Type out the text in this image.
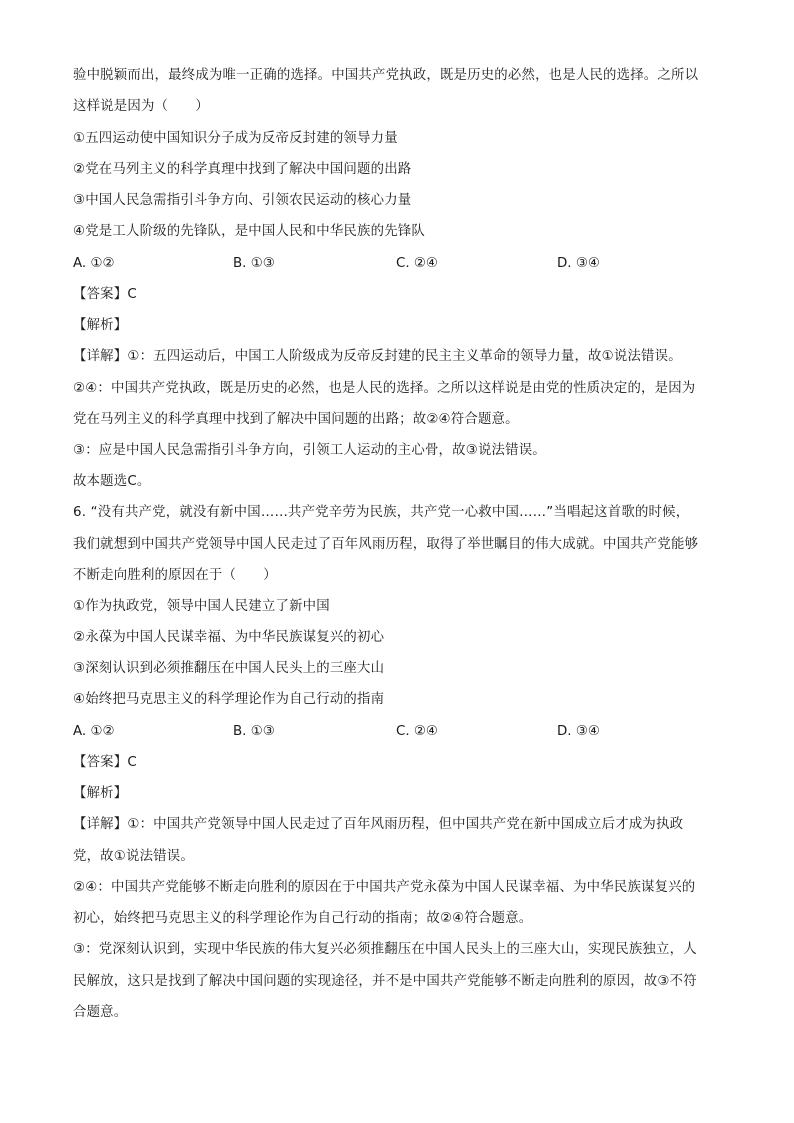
验中脱颖而出，最终成为唯一正确的选择。中国共产党执政，既是历史的必然，也是人民的选择。之所以
这样说是因为（　　）
①五四运动使中国知识分子成为反帝反封建的领导力量
②党在马列主义的科学真理中找到了解决中国问题的出路
③中国人民急需指引斗争方向、引领农民运动的核心力量
④党是工人阶级的先锋队，是中国人民和中华民族的先锋队
A. ①②	B. ①③	C. ②④	D. ③④
【答案】C
【解析】
【详解】①：五四运动后，中国工人阶级成为反帝反封建的民主主义革命的领导力量，故①说法错误。
②④：中国共产党执政，既是历史的必然，也是人民的选择。之所以这样说是由党的性质决定的，是因为
党在马列主义的科学真理中找到了解决中国问题的出路；故②④符合题意。
③：应是中国人民急需指引斗争方向，引领工人运动的主心骨，故③说法错误。
故本题选C。
6. “没有共产党，就没有新中国……共产党辛劳为民族，共产党一心救中国……”当唱起这首歌的时候，
我们就想到中国共产党领导中国人民走过了百年风雨历程，取得了举世瞩目的伟大成就。中国共产党能够
不断走向胜利的原因在于（　　）
①作为执政党，领导中国人民建立了新中国
②永葆为中国人民谋幸福、为中华民族谋复兴的初心
③深刻认识到必须推翻压在中国人民头上的三座大山
④始终把马克思主义的科学理论作为自己行动的指南
A. ①②	B. ①③	C. ②④	D. ③④
【答案】C
【解析】
【详解】①：中国共产党领导中国人民走过了百年风雨历程，但中国共产党在新中国成立后才成为执政
党，故①说法错误。
②④：中国共产党能够不断走向胜利的原因在于中国共产党永葆为中国人民谋幸福、为中华民族谋复兴的
初心，始终把马克思主义的科学理论作为自己行动的指南；故②④符合题意。
③：党深刻认识到，实现中华民族的伟大复兴必须推翻压在中国人民头上的三座大山，实现民族独立，人
民解放，这只是找到了解决中国问题的实现途径，并不是中国共产党能够不断走向胜利的原因，故③不符
合题意。
